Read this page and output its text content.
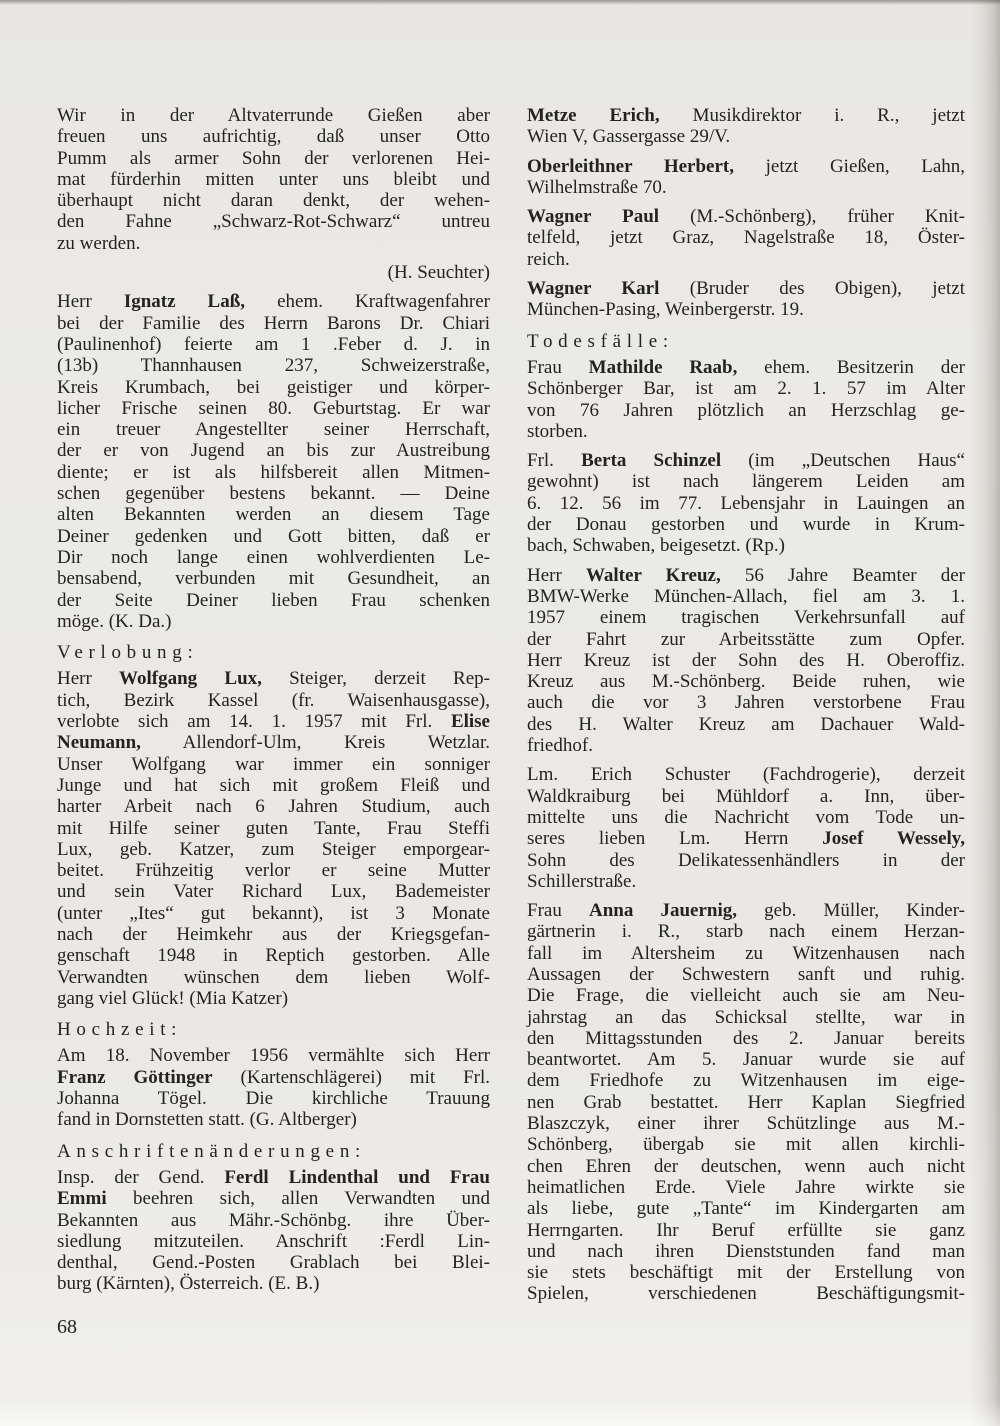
Wir in der Altvaterrunde Gießen aber
freuen uns aufrichtig, daß unser Otto
Pumm als armer Sohn der verlorenen Hei-
mat fürderhin mitten unter uns bleibt und
überhaupt nicht daran denkt, der wehen-
den Fahne „Schwarz-Rot-Schwarz“ untreu
zu werden.
(H. Seuchter)
Herr Ignatz Laß, ehem. Kraftwagenfahrer
bei der Familie des Herrn Barons Dr. Chiari
(Paulinenhof) feierte am 1 .Feber d. J. in
(13b) Thannhausen 237, Schweizerstraße,
Kreis Krumbach, bei geistiger und körper-
licher Frische seinen 80. Geburtstag. Er war
ein treuer Angestellter seiner Herrschaft,
der er von Jugend an bis zur Austreibung
diente; er ist als hilfsbereit allen Mitmen-
schen gegenüber bestens bekannt. — Deine
alten Bekannten werden an diesem Tage
Deiner gedenken und Gott bitten, daß er
Dir noch lange einen wohlverdienten Le-
bensabend, verbunden mit Gesundheit, an
der Seite Deiner lieben Frau schenken
möge. (K. Da.)
Verlobung:
Herr Wolfgang Lux, Steiger, derzeit Rep-
tich, Bezirk Kassel (fr. Waisenhausgasse),
verlobte sich am 14. 1. 1957 mit Frl. Elise
Neumann, Allendorf-Ulm, Kreis Wetzlar.
Unser Wolfgang war immer ein sonniger
Junge und hat sich mit großem Fleiß und
harter Arbeit nach 6 Jahren Studium, auch
mit Hilfe seiner guten Tante, Frau Steffi
Lux, geb. Katzer, zum Steiger emporgear-
beitet. Frühzeitig verlor er seine Mutter
und sein Vater Richard Lux, Bademeister
(unter „Ites“ gut bekannt), ist 3 Monate
nach der Heimkehr aus der Kriegsgefan-
genschaft 1948 in Reptich gestorben. Alle
Verwandten wünschen dem lieben Wolf-
gang viel Glück! (Mia Katzer)
Hochzeit:
Am 18. November 1956 vermählte sich Herr
Franz Göttinger (Kartenschlägerei) mit Frl.
Johanna Tögel. Die kirchliche Trauung
fand in Dornstetten statt. (G. Altberger)
Anschriftenänderungen:
Insp. der Gend. Ferdl Lindenthal und Frau
Emmi beehren sich, allen Verwandten und
Bekannten aus Mähr.-Schönbg. ihre Über-
siedlung mitzuteilen. Anschrift :Ferdl Lin-
denthal, Gend.-Posten Grablach bei Blei-
burg (Kärnten), Österreich. (E. B.)
Metze Erich, Musikdirektor i. R., jetzt
Wien V, Gassergasse 29/V.
Oberleithner Herbert, jetzt Gießen, Lahn,
Wilhelmstraße 70.
Wagner Paul (M.-Schönberg), früher Knit-
telfeld, jetzt Graz, Nagelstraße 18, Öster-
reich.
Wagner Karl (Bruder des Obigen), jetzt
München-Pasing, Weinbergerstr. 19.
Todesfälle:
Frau Mathilde Raab, ehem. Besitzerin der
Schönberger Bar, ist am 2. 1. 57 im Alter
von 76 Jahren plötzlich an Herzschlag ge-
storben.
Frl. Berta Schinzel (im „Deutschen Haus“
gewohnt) ist nach längerem Leiden am
6. 12. 56 im 77. Lebensjahr in Lauingen an
der Donau gestorben und wurde in Krum-
bach, Schwaben, beigesetzt. (Rp.)
Herr Walter Kreuz, 56 Jahre Beamter der
BMW-Werke München-Allach, fiel am 3. 1.
1957 einem tragischen Verkehrsunfall auf
der Fahrt zur Arbeitsstätte zum Opfer.
Herr Kreuz ist der Sohn des H. Oberoffiz.
Kreuz aus M.-Schönberg. Beide ruhen, wie
auch die vor 3 Jahren verstorbene Frau
des H. Walter Kreuz am Dachauer Wald-
friedhof.
Lm. Erich Schuster (Fachdrogerie), derzeit
Waldkraiburg bei Mühldorf a. Inn, über-
mittelte uns die Nachricht vom Tode un-
seres lieben Lm. Herrn Josef Wessely,
Sohn des Delikatessenhändlers in der
Schillerstraße.
Frau Anna Jauernig, geb. Müller, Kinder-
gärtnerin i. R., starb nach einem Herzan-
fall im Altersheim zu Witzenhausen nach
Aussagen der Schwestern sanft und ruhig.
Die Frage, die vielleicht auch sie am Neu-
jahrstag an das Schicksal stellte, war in
den Mittagsstunden des 2. Januar bereits
beantwortet. Am 5. Januar wurde sie auf
dem Friedhofe zu Witzenhausen im eige-
nen Grab bestattet. Herr Kaplan Siegfried
Blaszczyk, einer ihrer Schützlinge aus M.-
Schönberg, übergab sie mit allen kirchli-
chen Ehren der deutschen, wenn auch nicht
heimatlichen Erde. Viele Jahre wirkte sie
als liebe, gute „Tante“ im Kindergarten am
Herrngarten. Ihr Beruf erfüllte sie ganz
und nach ihren Dienststunden fand man
sie stets beschäftigt mit der Erstellung von
Spielen, verschiedenen Beschäftigungsmit-
68
